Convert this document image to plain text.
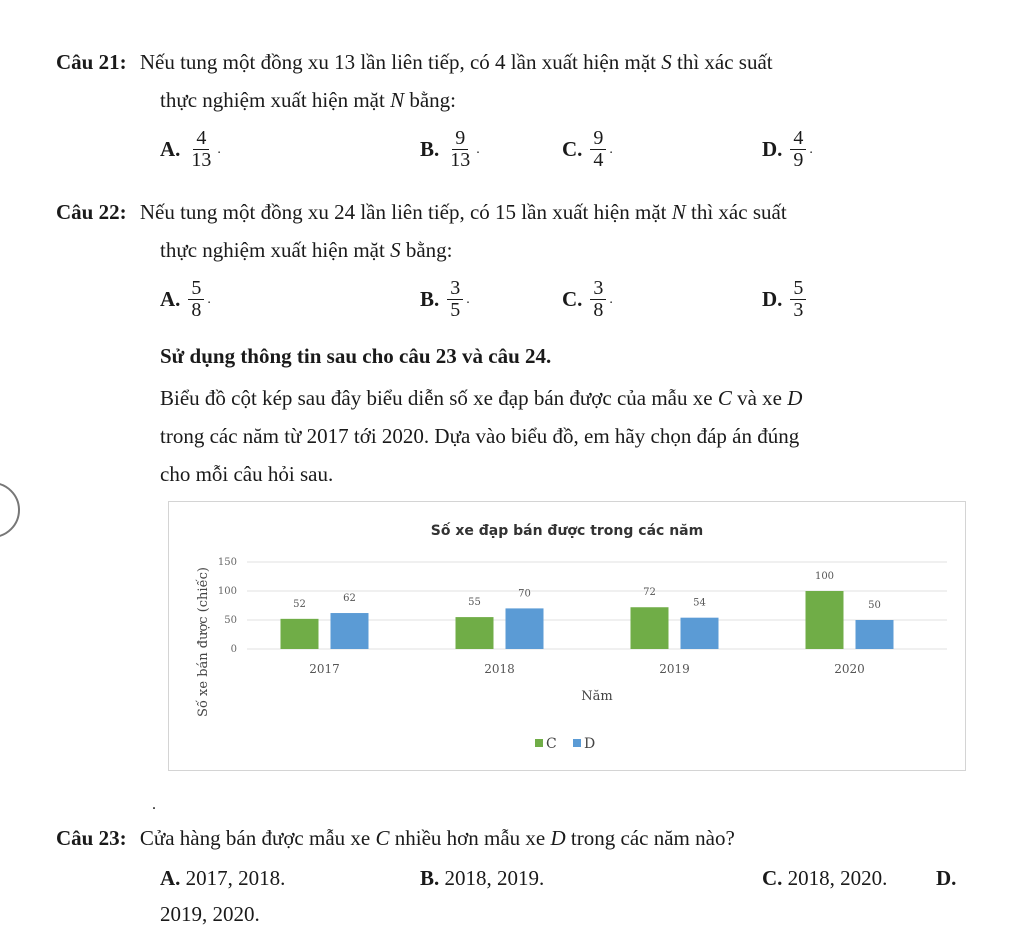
Câu 21: Nếu tung một đồng xu 13 lần liên tiếp, có 4 lần xuất hiện mặt S thì xác suất
thực nghiệm xuất hiện mặt N bằng:
A. $\frac{4}{13}$ .	B. $\frac{9}{13}$ .	C. $\frac{9}{4}$ .	D. $\frac{4}{9}$ .
Câu 22: Nếu tung một đồng xu 24 lần liên tiếp, có 15 lần xuất hiện mặt N thì xác suất
thực nghiệm xuất hiện mặt S bằng:
A. $\frac{5}{8}$ .	B. $\frac{3}{5}$ .	C. $\frac{3}{8}$ .	D. $\frac{5}{3}$
Sử dụng thông tin sau cho câu 23 và câu 24.
Biểu đồ cột kép sau đây biểu diễn số xe đạp bán được của mẫu xe C và xe D
trong các năm từ 2017 tới 2020. Dựa vào biểu đồ, em hãy chọn đáp án đúng
cho mỗi câu hỏi sau.
Số xe đạp bán được trong các năm
0
50
100
150
Số xe bán được (chiếc)	52
62	55
70	72
54
100
50
2017	2018	2019	2020
Năm
C D
.
Câu 23: Cửa hàng bán được mẫu xe C nhiều hơn mẫu xe D trong các năm nào?
A. 2017, 2018.	B. 2018, 2019.	C. 2018, 2020. D.
2019, 2020.
